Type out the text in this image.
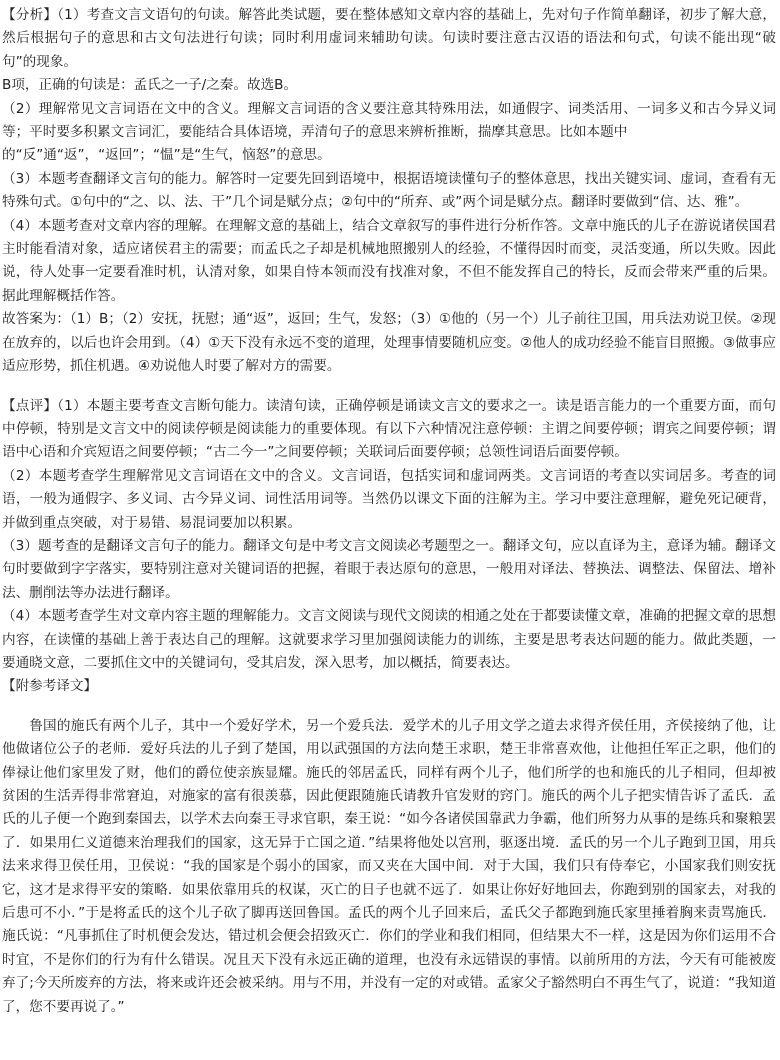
【分析】（1）考查文言文语句的句读。解答此类试题，要在整体感知文章内容的基础上，先对句子作简单翻译，初步了解大意，然后根据句子的意思和古文句法进行句读；同时利用虚词来辅助句读。句读时要注意古汉语的语法和句式，句读不能出现“破句”的现象。

B项，正确的句读是：孟氏之一子/之秦。故选B。

（2）理解常见文言词语在文中的含义。理解文言词语的含义要注意其特殊用法，如通假字、词类活用、一词多义和古今异义词等；平时要多积累文言词汇，要能结合具体语境，弄清句子的意思来辨析推断，揣摩其意思。比如本题中

的“反”通“返”，“返回”；“愠”是“生气，恼怒”的意思。

（3）本题考查翻译文言句的能力。解答时一定要先回到语境中，根据语境读懂句子的整体意思，找出关键实词、虚词，查看有无特殊句式。①句中的“之、以、法、干”几个词是赋分点；②句中的“所弃、或”两个词是赋分点。翻译时要做到“信、达、雅”。

（4）本题考查对文章内容的理解。在理解文意的基础上，结合文章叙写的事件进行分析作答。文章中施氏的儿子在游说诸侯国君主时能看清对象，适应诸侯君主的需要；而孟氏之子却是机械地照搬别人的经验，不懂得因时而变，灵活变通，所以失败。因此说，待人处事一定要看准时机，认清对象，如果自恃本领而没有找准对象，不但不能发挥自己的特长，反而会带来严重的后果。据此理解概括作答。

故答案为：（1）B；（2）安抚，抚慰；通“返”，返回；生气，发怒；（3）①他的（另一个）儿子前往卫国，用兵法劝说卫侯。②现在放弃的，以后也许会用到。（4）①天下没有永远不变的道理，处理事情要随机应变。②他人的成功经验不能盲目照搬。③做事应适应形势，抓住机遇。④劝说他人时要了解对方的需要。

【点评】（1）本题主要考查文言断句能力。读清句读，正确停顿是诵读文言文的要求之一。读是语言能力的一个重要方面，而句中停顿，特别是文言文中的阅读停顿是阅读能力的重要体现。有以下六种情况注意停顿：主谓之间要停顿；谓宾之间要停顿；谓语中心语和介宾短语之间要停顿；“古二今一”之间要停顿；关联词后面要停顿；总领性词语后面要停顿。

（2）本题考查学生理解常见文言词语在文中的含义。文言词语，包括实词和虚词两类。文言词语的考查以实词居多。考查的词语，一般为通假字、多义词、古今异义词、词性活用词等。当然仍以课文下面的注解为主。学习中要注意理解，避免死记硬背，并做到重点突破，对于易错、易混词要加以积累。

（3）题考查的是翻译文言句子的能力。翻译文句是中考文言文阅读必考题型之一。翻译文句，应以直译为主，意译为辅。翻译文句时要做到字字落实，要特别注意对关键词语的把握，着眼于表达原句的意思，一般用对译法、替换法、调整法、保留法、增补法、删削法等办法进行翻译。

（4）本题考查学生对文章内容主题的理解能力。文言文阅读与现代文阅读的相通之处在于都要读懂文章，准确的把握文章的思想内容，在读懂的基础上善于表达自己的理解。这就要求学习里加强阅读能力的训练，主要是思考表达问题的能力。做此类题，一要通晓文意，二要抓住文中的关键词句，受其启发，深入思考，加以概括，简要表达。

【附参考译文】

鲁国的施氏有两个儿子，其中一个爱好学术，另一个爱兵法．爱学术的儿子用文学之道去求得齐侯任用，齐侯接纳了他，让他做诸位公子的老师．爱好兵法的儿子到了楚国，用以武强国的方法向楚王求职，楚王非常喜欢他，让他担任军正之职，他们的俸禄让他们家里发了财，他们的爵位使亲族显耀。施氏的邻居孟氏，同样有两个儿子，他们所学的也和施氏的儿子相同，但却被贫困的生活弄得非常窘迫，对施家的富有很羡慕，因此便跟随施氏请教升官发财的窍门。施氏的两个儿子把实情告诉了孟氏．孟氏的儿子便一个跑到秦国去，以学术去向秦王寻求官职，秦王说：“如今各诸侯国靠武力争霸，他们所努力从事的是练兵和聚粮罢了．如果用仁义道德来治理我们的国家，这无异于亡国之道．”结果将他处以宫刑，驱逐出境．孟氏的另一个儿子跑到卫国，用兵法来求得卫侯任用，卫侯说：“我的国家是个弱小的国家，而又夹在大国中间．对于大国，我们只有侍奉它，小国家我们则安抚它，这才是求得平安的策略．如果依靠用兵的权谋，灭亡的日子也就不远了．如果让你好好地回去，你跑到别的国家去，对我的后患可不小．”于是将孟氏的这个儿子砍了脚再送回鲁国。孟氏的两个儿子回来后，孟氏父子都跑到施氏家里捶着胸来责骂施氏．施氏说：“凡事抓住了时机便会发达，错过机会便会招致灭亡．你们的学业和我们相同，但结果大不一样，这是因为你们运用不合时宜，不是你们的行为有什么错误。况且天下没有永远正确的道理，也没有永远错误的事情。以前所用的方法，今天有可能被废弃了;今天所废弃的方法，将来或许还会被采纳。用与不用，并没有一定的对或错。孟家父子豁然明白不再生气了，说道：“我知道了，您不要再说了。”
